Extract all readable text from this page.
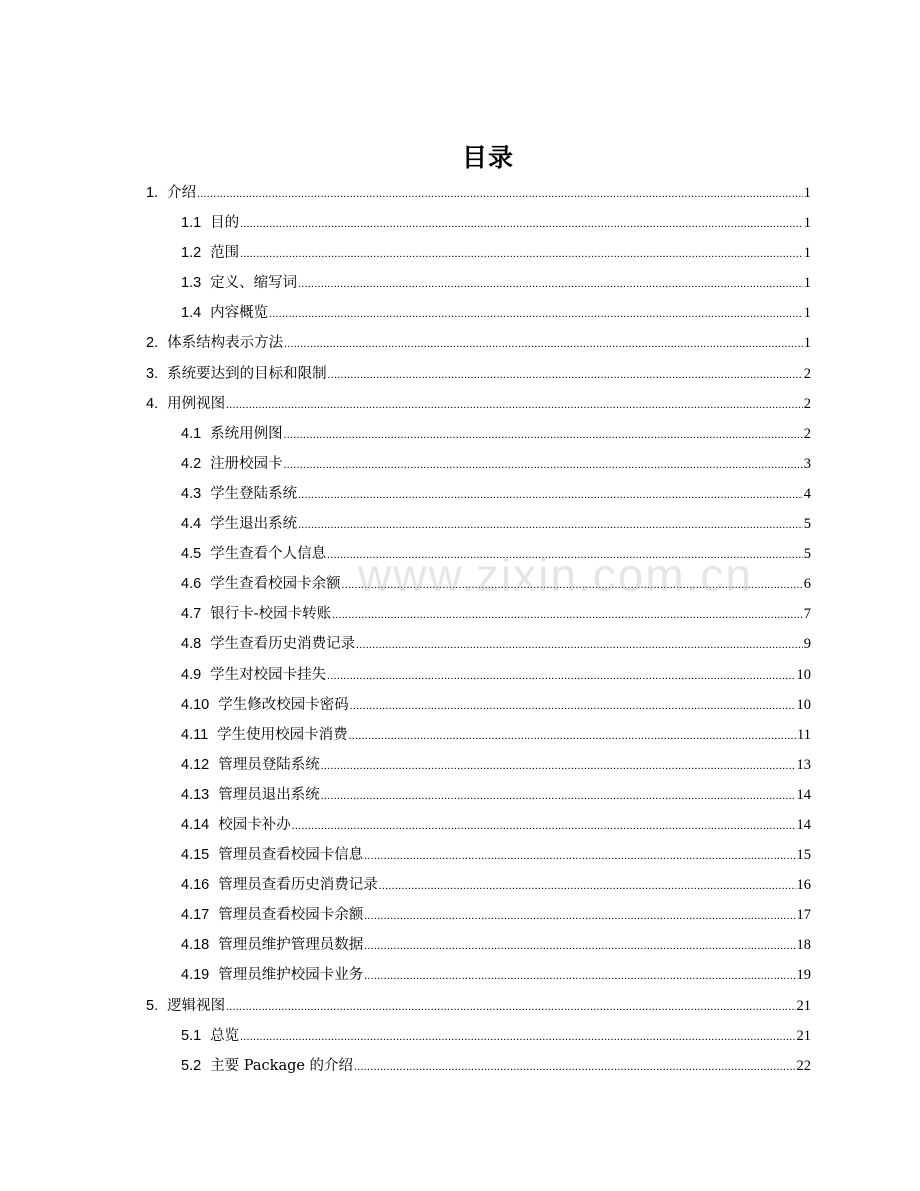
目录
1. 介绍 .....	1
1.1 目的 .....	1
1.2 范围 .....	1
1.3 定义、缩写词 .....	1
1.4 内容概览 .....	1
2. 体系结构表示方法 .....	1
3. 系统要达到的目标和限制 .....	2
4. 用例视图 .....	2
4.1 系统用例图 .....	2
4.2 注册校园卡 .....	3
4.3 学生登陆系统 .....	4
4.4 学生退出系统 .....	5
4.5 学生查看个人信息 .....	5
4.6 学生查看校园卡余额 .....	6
4.7 银行卡-校园卡转账 .....	7
4.8 学生查看历史消费记录 .....	9
4.9 学生对校园卡挂失 .....	10
4.10 学生修改校园卡密码 .....	10
4.11 学生使用校园卡消费 .....	11
4.12 管理员登陆系统 .....	13
4.13 管理员退出系统 .....	14
4.14 校园卡补办 .....	14
4.15 管理员查看校园卡信息 .....	15
4.16 管理员查看历史消费记录 .....	16
4.17 管理员查看校园卡余额 .....	17
4.18 管理员维护管理员数据 .....	18
4.19 管理员维护校园卡业务 .....	19
5. 逻辑视图 .....	21
5.1 总览 .....	21
5.2 主要 Package 的介绍 .....	22
www.zixin.com.cn
